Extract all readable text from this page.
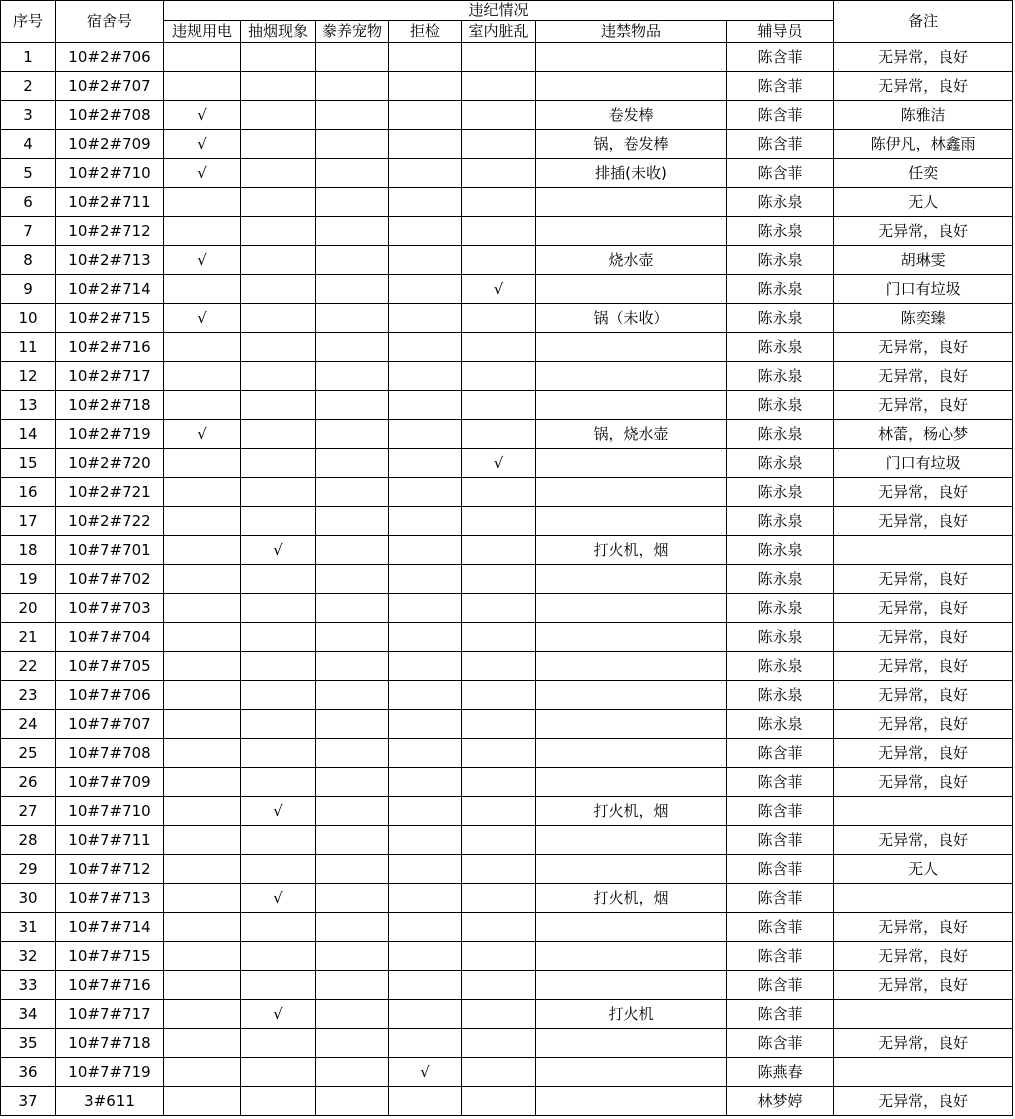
序号	宿舍号	违纪情况							备注
		违规用电	抽烟现象	豢养宠物	拒检	室内脏乱	违禁物品	辅导员	
1	10#2#706							陈含菲	无异常，良好
2	10#2#707							陈含菲	无异常，良好
3	10#2#708	√					卷发棒	陈含菲	陈雅洁
4	10#2#709	√					锅，卷发棒	陈含菲	陈伊凡，林鑫雨
5	10#2#710	√					排插(未收)	陈含菲	任奕
6	10#2#711							陈永泉	无人
7	10#2#712							陈永泉	无异常，良好
8	10#2#713	√					烧水壶	陈永泉	胡琳雯
9	10#2#714					√		陈永泉	门口有垃圾
10	10#2#715	√					锅（未收）	陈永泉	陈奕臻
11	10#2#716							陈永泉	无异常，良好
12	10#2#717							陈永泉	无异常，良好
13	10#2#718							陈永泉	无异常，良好
14	10#2#719	√					锅，烧水壶	陈永泉	林蕾，杨心梦
15	10#2#720					√		陈永泉	门口有垃圾
16	10#2#721							陈永泉	无异常，良好
17	10#2#722							陈永泉	无异常，良好
18	10#7#701		√				打火机，烟	陈永泉	
19	10#7#702							陈永泉	无异常，良好
20	10#7#703							陈永泉	无异常，良好
21	10#7#704							陈永泉	无异常，良好
22	10#7#705							陈永泉	无异常，良好
23	10#7#706							陈永泉	无异常，良好
24	10#7#707							陈永泉	无异常，良好
25	10#7#708							陈含菲	无异常，良好
26	10#7#709							陈含菲	无异常，良好
27	10#7#710		√				打火机，烟	陈含菲	
28	10#7#711							陈含菲	无异常，良好
29	10#7#712							陈含菲	无人
30	10#7#713		√				打火机，烟	陈含菲	
31	10#7#714							陈含菲	无异常，良好
32	10#7#715							陈含菲	无异常，良好
33	10#7#716							陈含菲	无异常，良好
34	10#7#717		√				打火机	陈含菲	
35	10#7#718							陈含菲	无异常，良好
36	10#7#719				√			陈燕春	
37	3#611							林梦婷	无异常，良好
